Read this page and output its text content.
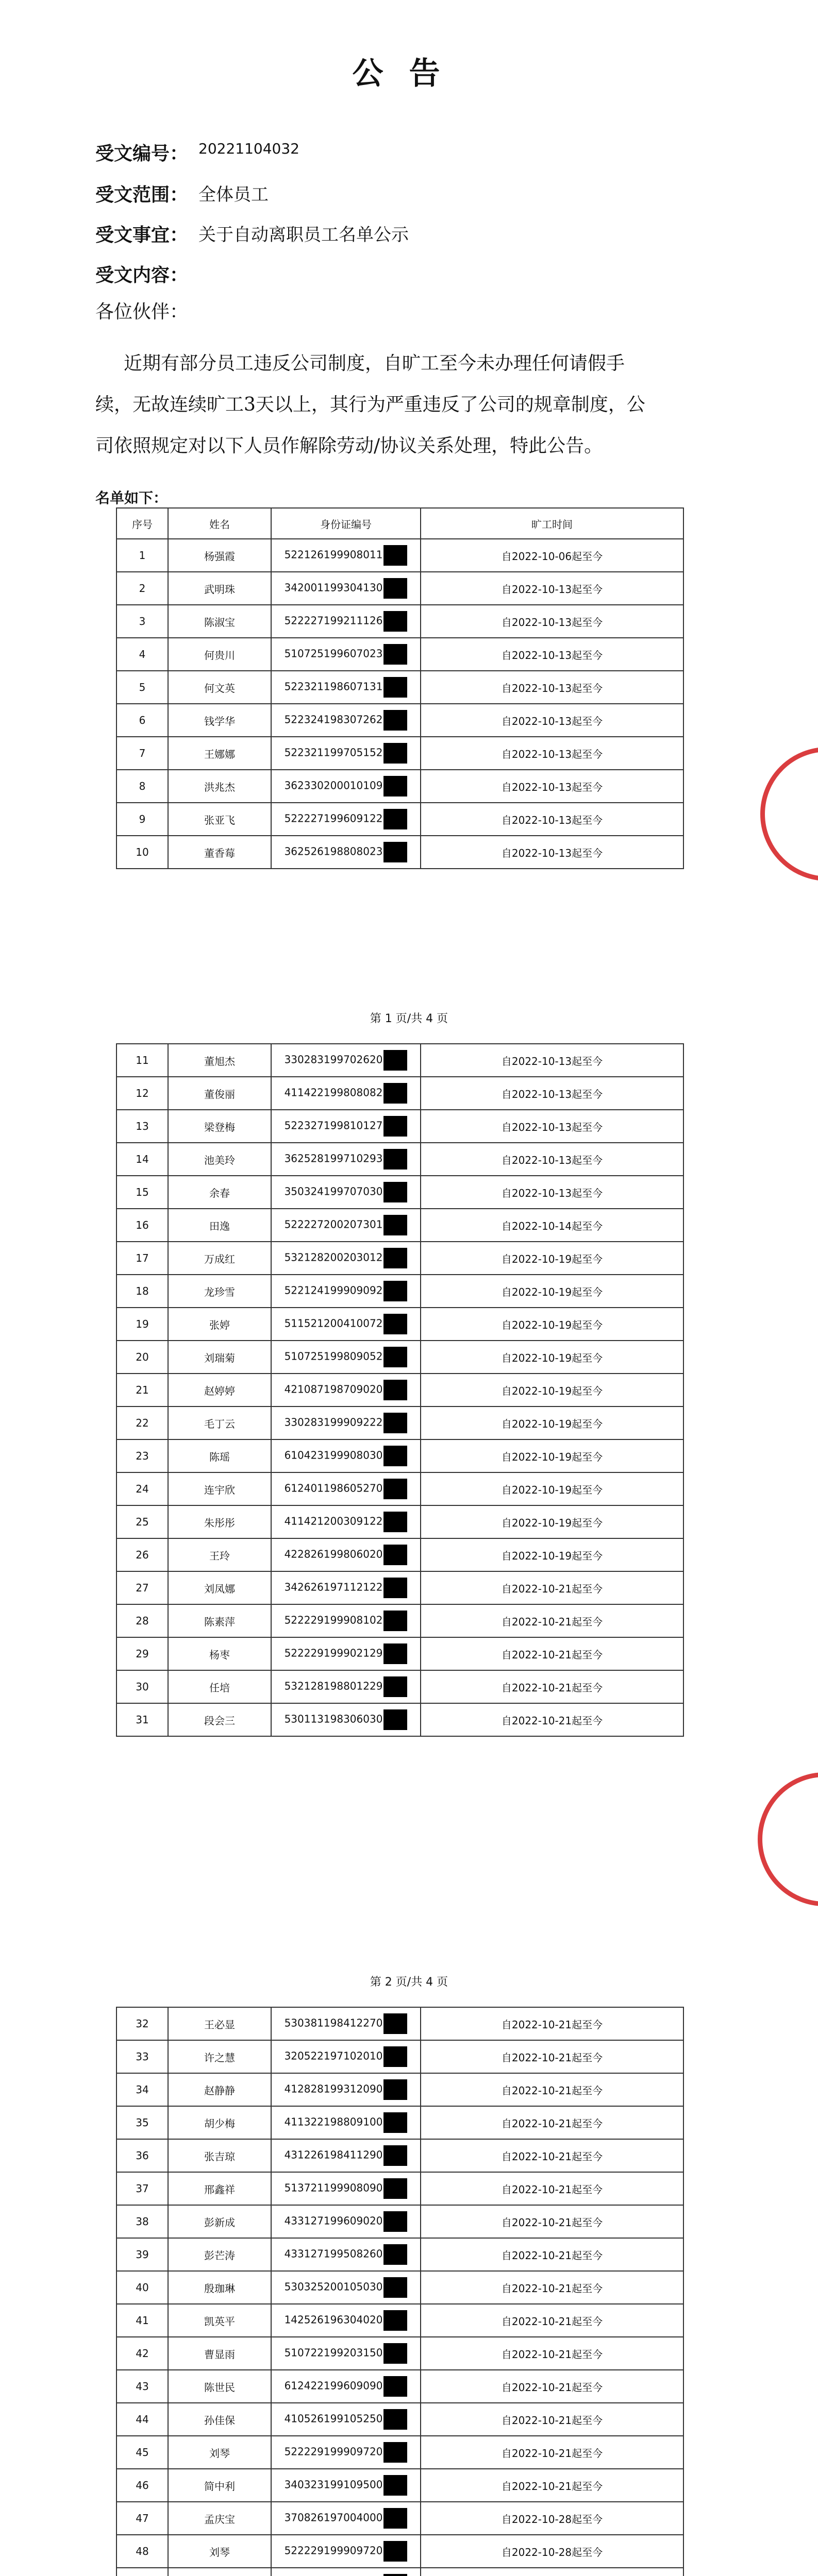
公告
受文编号： 20221104032
受文范围： 全体员工
受文事宜： 关于自动离职员工名单公示
受文内容：
各位伙伴：
近期有部分员工违反公司制度，自旷工至今未办理任何请假手
续，无故连续旷工3天以上，其行为严重违反了公司的规章制度，公
司依照规定对以下人员作解除劳动/协议关系处理，特此公告。
名单如下：
序号	姓名	身份证编号	旷工时间
1	杨强霞	522126199908011	自2022-10-06起至今
2	武明珠	342001199304130	自2022-10-13起至今
3	陈淑宝	522227199211126	自2022-10-13起至今
4	何贵川	510725199607023	自2022-10-13起至今
5	何文英	522321198607131	自2022-10-13起至今
6	钱学华	522324198307262	自2022-10-13起至今
7	王娜娜	522321199705152	自2022-10-13起至今
8	洪兆杰	362330200010109	自2022-10-13起至今
9	张亚飞	522227199609122	自2022-10-13起至今
10	董香莓	362526198808023	自2022-10-13起至今
第 1 页/共 4 页
11	董旭杰	330283199702620	自2022-10-13起至今
12	董俊丽	411422199808082	自2022-10-13起至今
13	梁登梅	522327199810127	自2022-10-13起至今
14	池美玲	362528199710293	自2022-10-13起至今
15	余春	350324199707030	自2022-10-13起至今
16	田逸	522227200207301	自2022-10-14起至今
17	万成红	532128200203012	自2022-10-19起至今
18	龙珍雪	522124199909092	自2022-10-19起至今
19	张婷	511521200410072	自2022-10-19起至今
20	刘瑞菊	510725199809052	自2022-10-19起至今
21	赵婷婷	421087198709020	自2022-10-19起至今
22	毛丁云	330283199909222	自2022-10-19起至今
23	陈瑶	610423199908030	自2022-10-19起至今
24	连宇欣	612401198605270	自2022-10-19起至今
25	朱彤彤	411421200309122	自2022-10-19起至今
26	王玲	422826199806020	自2022-10-19起至今
27	刘凤娜	342626197112122	自2022-10-21起至今
28	陈素萍	522229199908102	自2022-10-21起至今
29	杨枣	522229199902129	自2022-10-21起至今
30	任培	532128198801229	自2022-10-21起至今
31	段会三	530113198306030	自2022-10-21起至今
第 2 页/共 4 页
32	王必显	530381198412270	自2022-10-21起至今
33	许之慧	320522197102010	自2022-10-21起至今
34	赵静静	412828199312090	自2022-10-21起至今
35	胡少梅	411322198809100	自2022-10-21起至今
36	张吉琼	431226198411290	自2022-10-21起至今
37	邢鑫祥	513721199908090	自2022-10-21起至今
38	彭新成	433127199609020	自2022-10-21起至今
39	彭芒涛	433127199508260	自2022-10-21起至今
40	殷珈琳	530325200105030	自2022-10-21起至今
41	凯英平	142526196304020	自2022-10-21起至今
42	曹显雨	510722199203150	自2022-10-21起至今
43	陈世民	612422199609090	自2022-10-21起至今
44	孙佳保	410526199105250	自2022-10-21起至今
45	刘琴	522229199909720	自2022-10-21起至今
46	简中利	340323199109500	自2022-10-21起至今
47	孟庆宝	370826197004000	自2022-10-28起至今
48	刘琴	522229199909720	自2022-10-28起至今
